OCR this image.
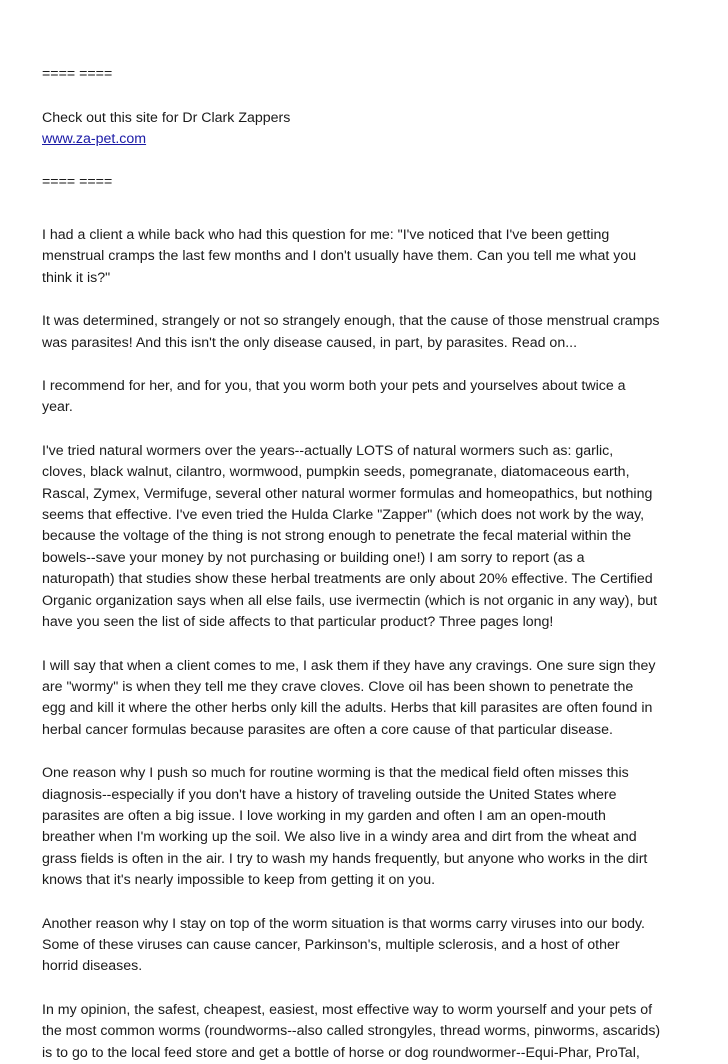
==== ====

Check out this site for Dr Clark Zappers

www.za-pet.com

==== ====

I had a client a while back who had this question for me: "I've noticed that I've been getting

menstrual cramps the last few months and I don't usually have them. Can you tell me what you

think it is?"

It was determined, strangely or not so strangely enough, that the cause of those menstrual cramps

was parasites! And this isn't the only disease caused, in part, by parasites. Read on...

I recommend for her, and for you, that you worm both your pets and yourselves about twice a

year.

I've tried natural wormers over the years--actually LOTS of natural wormers such as: garlic,

cloves, black walnut, cilantro, wormwood, pumpkin seeds, pomegranate, diatomaceous earth,

Rascal, Zymex, Vermifuge, several other natural wormer formulas and homeopathics, but nothing

seems that effective. I've even tried the Hulda Clarke "Zapper" (which does not work by the way,

because the voltage of the thing is not strong enough to penetrate the fecal material within the

bowels--save your money by not purchasing or building one!) I am sorry to report (as a

naturopath) that studies show these herbal treatments are only about 20% effective. The Certified

Organic organization says when all else fails, use ivermectin (which is not organic in any way), but

have you seen the list of side affects to that particular product? Three pages long!

I will say that when a client comes to me, I ask them if they have any cravings. One sure sign they

are "wormy" is when they tell me they crave cloves. Clove oil has been shown to penetrate the

egg and kill it where the other herbs only kill the adults. Herbs that kill parasites are often found in

herbal cancer formulas because parasites are often a core cause of that particular disease.

One reason why I push so much for routine worming is that the medical field often misses this

diagnosis--especially if you don't have a history of traveling outside the United States where

parasites are often a big issue. I love working in my garden and often I am an open-mouth

breather when I'm working up the soil. We also live in a windy area and dirt from the wheat and

grass fields is often in the air. I try to wash my hands frequently, but anyone who works in the dirt

knows that it's nearly impossible to keep from getting it on you.

Another reason why I stay on top of the worm situation is that worms carry viruses into our body.

Some of these viruses can cause cancer, Parkinson's, multiple sclerosis, and a host of other

horrid diseases.

In my opinion, the safest, cheapest, easiest, most effective way to worm yourself and your pets of

the most common worms (roundworms--also called strongyles, thread worms, pinworms, ascarids)

is to go to the local feed store and get a bottle of horse or dog roundwormer--Equi-Phar, ProTal,
